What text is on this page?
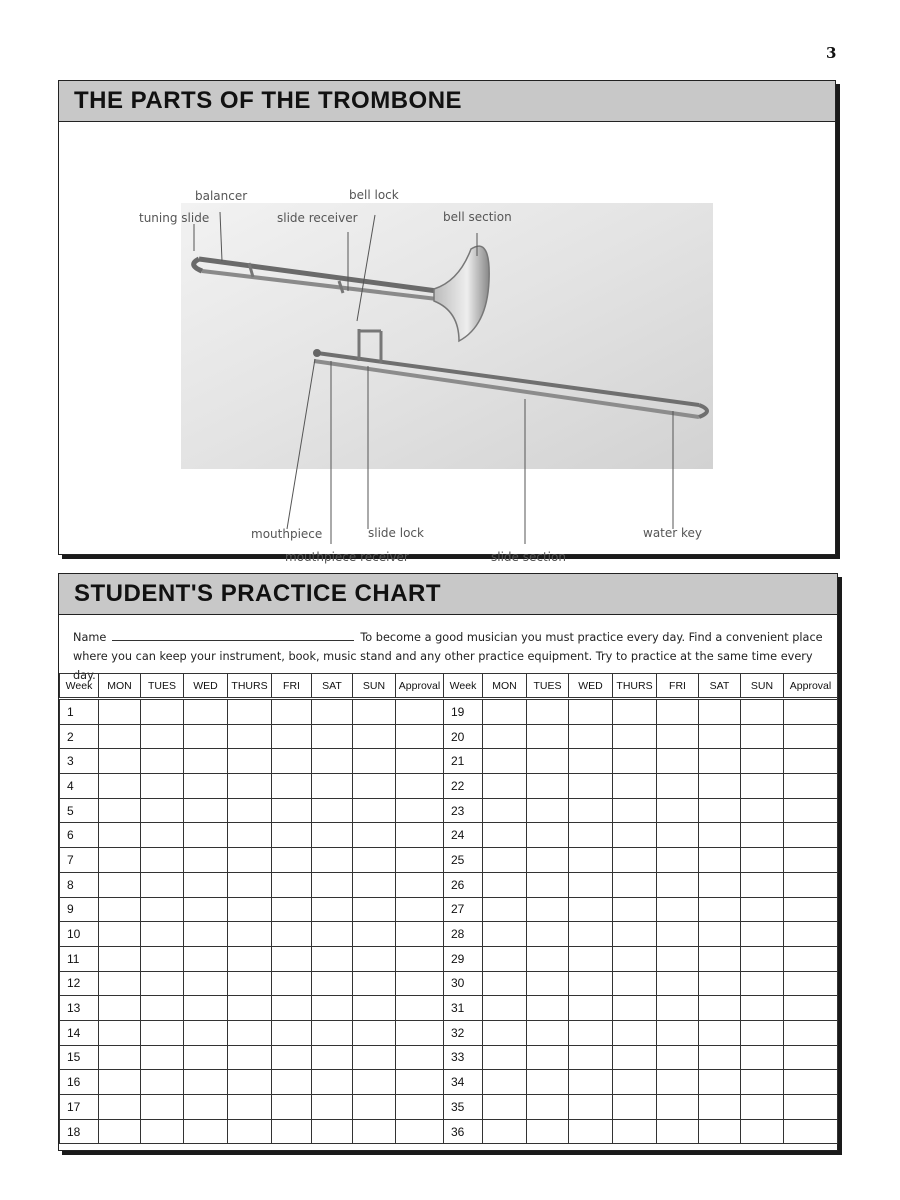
3
THE PARTS OF THE TROMBONE
balancer	bell lock
tuning slide	slide receiver	bell section
mouthpiece	slide lock	water key
mouthpiece receiver	slide section
STUDENT'S PRACTICE CHART
Name	To become a good musician you must practice every day. Find a convenient place
where you can keep your instrument, book, music stand and any other practice equipment. Try to practice at the same time every day.
Week	MON	TUES	WED	THURS	FRI	SAT	SUN	Approval	Week	MON	TUES	WED	THURS	FRI	SAT	SUN	Approval
1									19								
2									20								
3									21								
4									22								
5									23								
6									24								
7									25								
8									26								
9									27								
10									28								
11									29								
12									30								
13									31								
14									32								
15									33								
16									34								
17									35								
18									36								
